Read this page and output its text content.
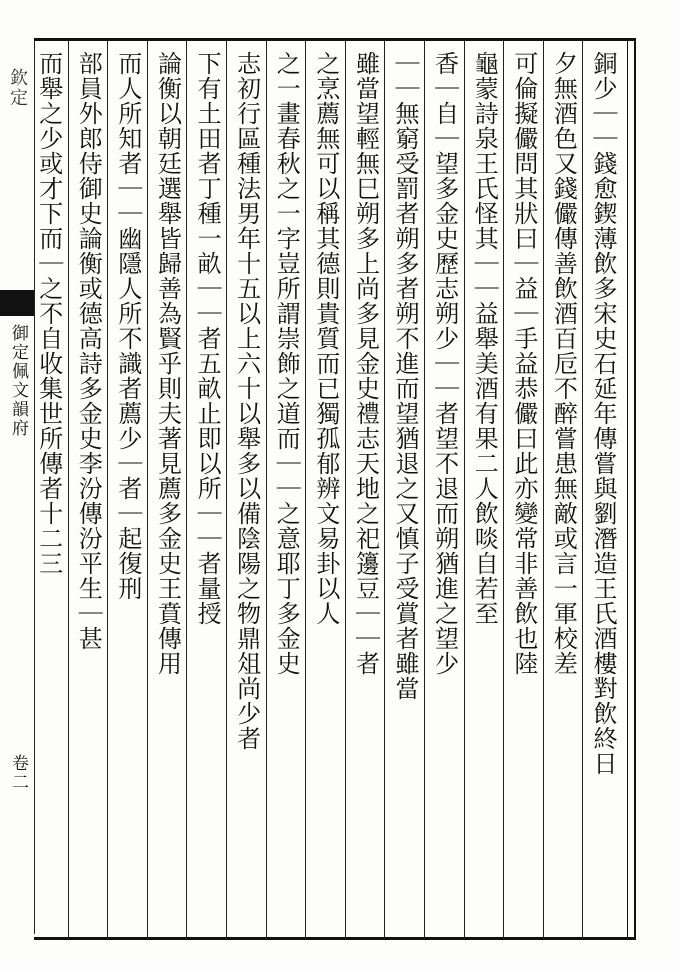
欽定
御定佩文韻府
卷二	銅少｜｜錢愈鍥薄飲多宋史石延年傳嘗與劉潛造王氏酒樓對飲終日
夕無酒色又錢儼傳善飲酒百卮不醉嘗患無敵或言一軍校差
可倫擬儼問其狀曰｜益｜手益恭儼曰此亦變常非善飲也陸
龜蒙詩泉王氏怪其｜｜益舉美酒有果二人飲啖自若至
香｜自｜望多金史歷志朔少｜｜者望不退而朔猶進之望少
｜｜無窮受罰者朔多者朔不進而望猶退之又慎子受賞者雖當
雖當望輕無巳朔多上尚多見金史禮志天地之祀籩豆｜｜者
之烹薦無可以稱其德則貴質而已獨孤郁辨文易卦以人
之一畫春秋之一字豈所謂崇飾之道而｜｜之意耶丁多金史
志初行區種法男年十五以上六十以舉多以備陰陽之物鼎俎尚少者
下有土田者丁種一畝｜｜者五畝止即以所｜｜者量授
論衡以朝廷選舉皆歸善為賢乎則夫著見薦多金史王賁傳用
而人所知者｜｜幽隱人所不識者薦少｜者｜起復刑
部員外郎侍御史論衡或德高詩多金史李汾傳汾平生｜甚
而舉之少或才下而｜之不自收集世所傳者十二三
